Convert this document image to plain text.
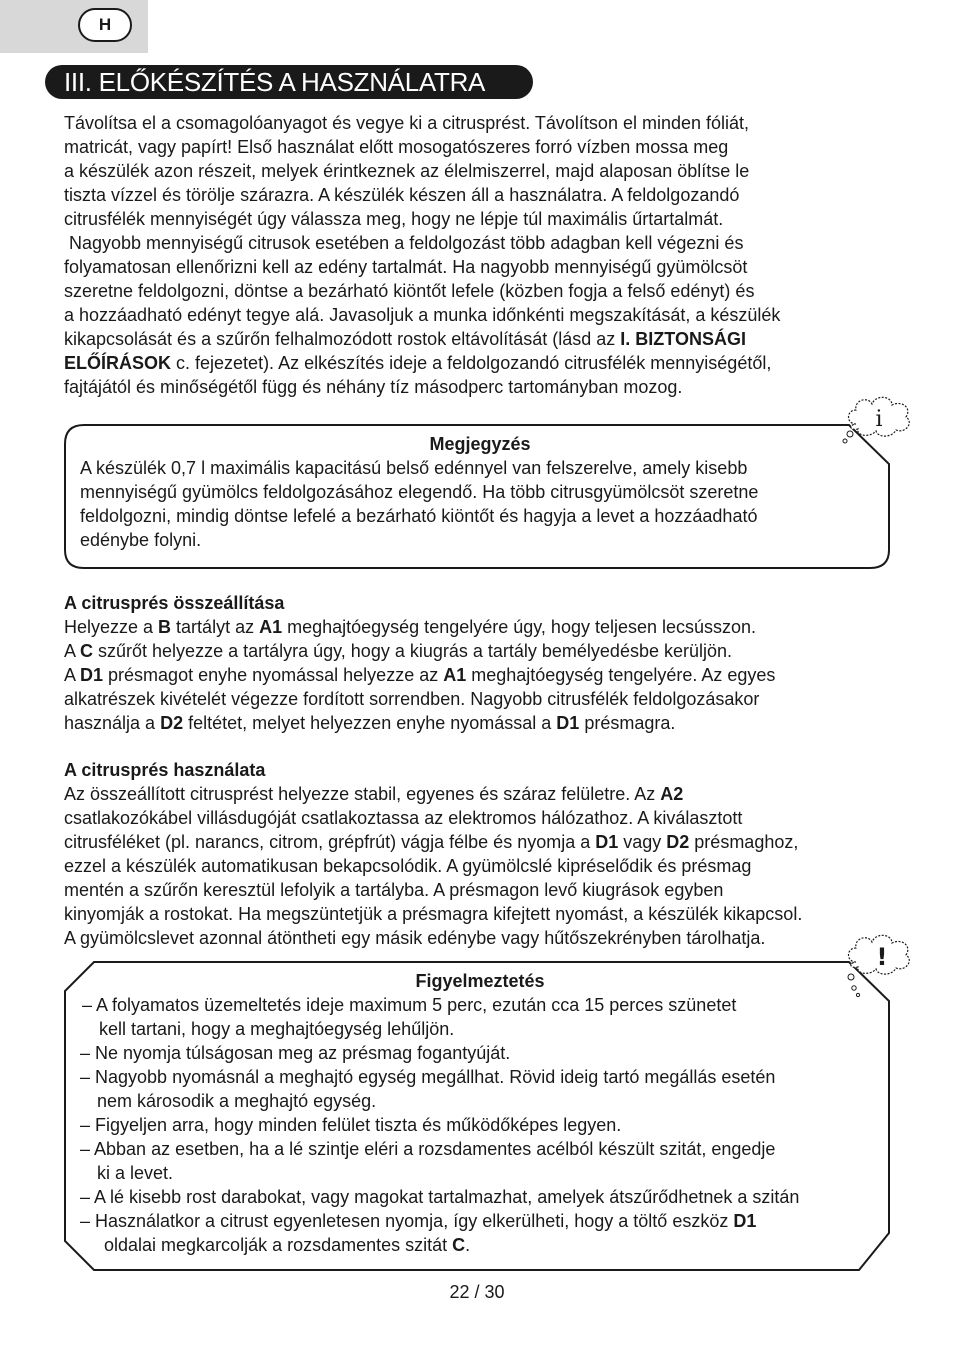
H
III. ELŐKÉSZÍTÉS A HASZNÁLATRA

Távolítsa el a csomagolóanyagot és vegye ki a citrusprést. Távolítson el minden fóliát,

matricát, vagy papírt! Első használat előtt mosogatószeres forró vízben mossa meg

a készülék azon részeit, melyek érintkeznek az élelmiszerrel, majd alaposan öblítse le

tiszta vízzel és törölje szárazra. A készülék készen áll a használatra. A feldolgozandó

citrusfélék mennyiségét úgy válassza meg, hogy ne lépje túl maximális űrtartalmát.

Nagyobb mennyiségű citrusok esetében a feldolgozást több adagban kell végezni és

folyamatosan ellenőrizni kell az edény tartalmát. Ha nagyobb mennyiségű gyümölcsöt

szeretne feldolgozni, döntse a bezárható kiöntőt lefele (közben fogja a felső edényt) és

a hozzáadható edényt tegye alá. Javasoljuk a munka időnkénti megszakítását, a készülék

kikapcsolását és a szűrőn felhalmozódott rostok eltávolítását (lásd az I. BIZTONSÁGI

ELŐÍRÁSOK c. fejezetet). Az elkészítés ideje a feldolgozandó citrusfélék mennyiségétől,

fajtájától és minőségétől függ és néhány tíz másodperc tartományban mozog.

Megjegyzés

A készülék 0,7 l maximális kapacitású belső edénnyel van felszerelve, amely kisebb

mennyiségű gyümölcs feldolgozásához elegendő. Ha több citrusgyümölcsöt szeretne

feldolgozni, mindig döntse lefelé a bezárható kiöntőt és hagyja a levet a hozzáadható

edénybe folyni.

i

A citrusprés összeállítása

Helyezze a B tartályt az A1 meghajtóegység tengelyére úgy, hogy teljesen lecsússzon.

A C szűrőt helyezze a tartályra úgy, hogy a kiugrás a tartály bemélyedésbe kerüljön.

A D1 présmagot enyhe nyomással helyezze az A1 meghajtóegység tengelyére. Az egyes

alkatrészek kivételét végezze fordított sorrendben. Nagyobb citrusfélék feldolgozásakor

használja a D2 feltétet, melyet helyezzen enyhe nyomással a D1 présmagra.

A citrusprés használata

Az összeállított citrusprést helyezze stabil, egyenes és száraz felületre. Az A2

csatlakozókábel villásdugóját csatlakoztassa az elektromos hálózathoz. A kiválasztott

citrusféléket (pl. narancs, citrom, grépfrút) vágja félbe és nyomja a D1 vagy D2 présmaghoz,

ezzel a készülék automatikusan bekapcsolódik. A gyümölcslé kipréselődik és présmag

mentén a szűrőn keresztül lefolyik a tartályba. A présmagon levő kiugrások egyben

kinyomják a rostokat. Ha megszüntetjük a présmagra kifejtett nyomást, a készülék kikapcsol.

A gyümölcslevet azonnal átöntheti egy másik edénybe vagy hűtőszekrényben tárolhatja.

Figyelmeztetés

– A folyamatos üzemeltetés ideje maximum 5 perc, ezután cca 15 perces szünetet
kell tartani, hogy a meghajtóegység lehűljön.
– Ne nyomja túlságosan meg az présmag fogantyúját.
– Nagyobb nyomásnál a meghajtó egység megállhat. Rövid ideig tartó megállás esetén
nem károsodik a meghajtó egység.
– Figyeljen arra, hogy minden felület tiszta és működőképes legyen.
– Abban az esetben, ha a lé szintje eléri a rozsdamentes acélból készült szitát, engedje
ki a levet.
– A lé kisebb rost darabokat, vagy magokat tartalmazhat, amelyek átszűrődhetnek a szitán
– Használatkor a citrust egyenletesen nyomja, így elkerülheti, hogy a töltő eszköz D1
oldalai megkarcolják a rozsdamentes szitát C.
!
22 / 30
